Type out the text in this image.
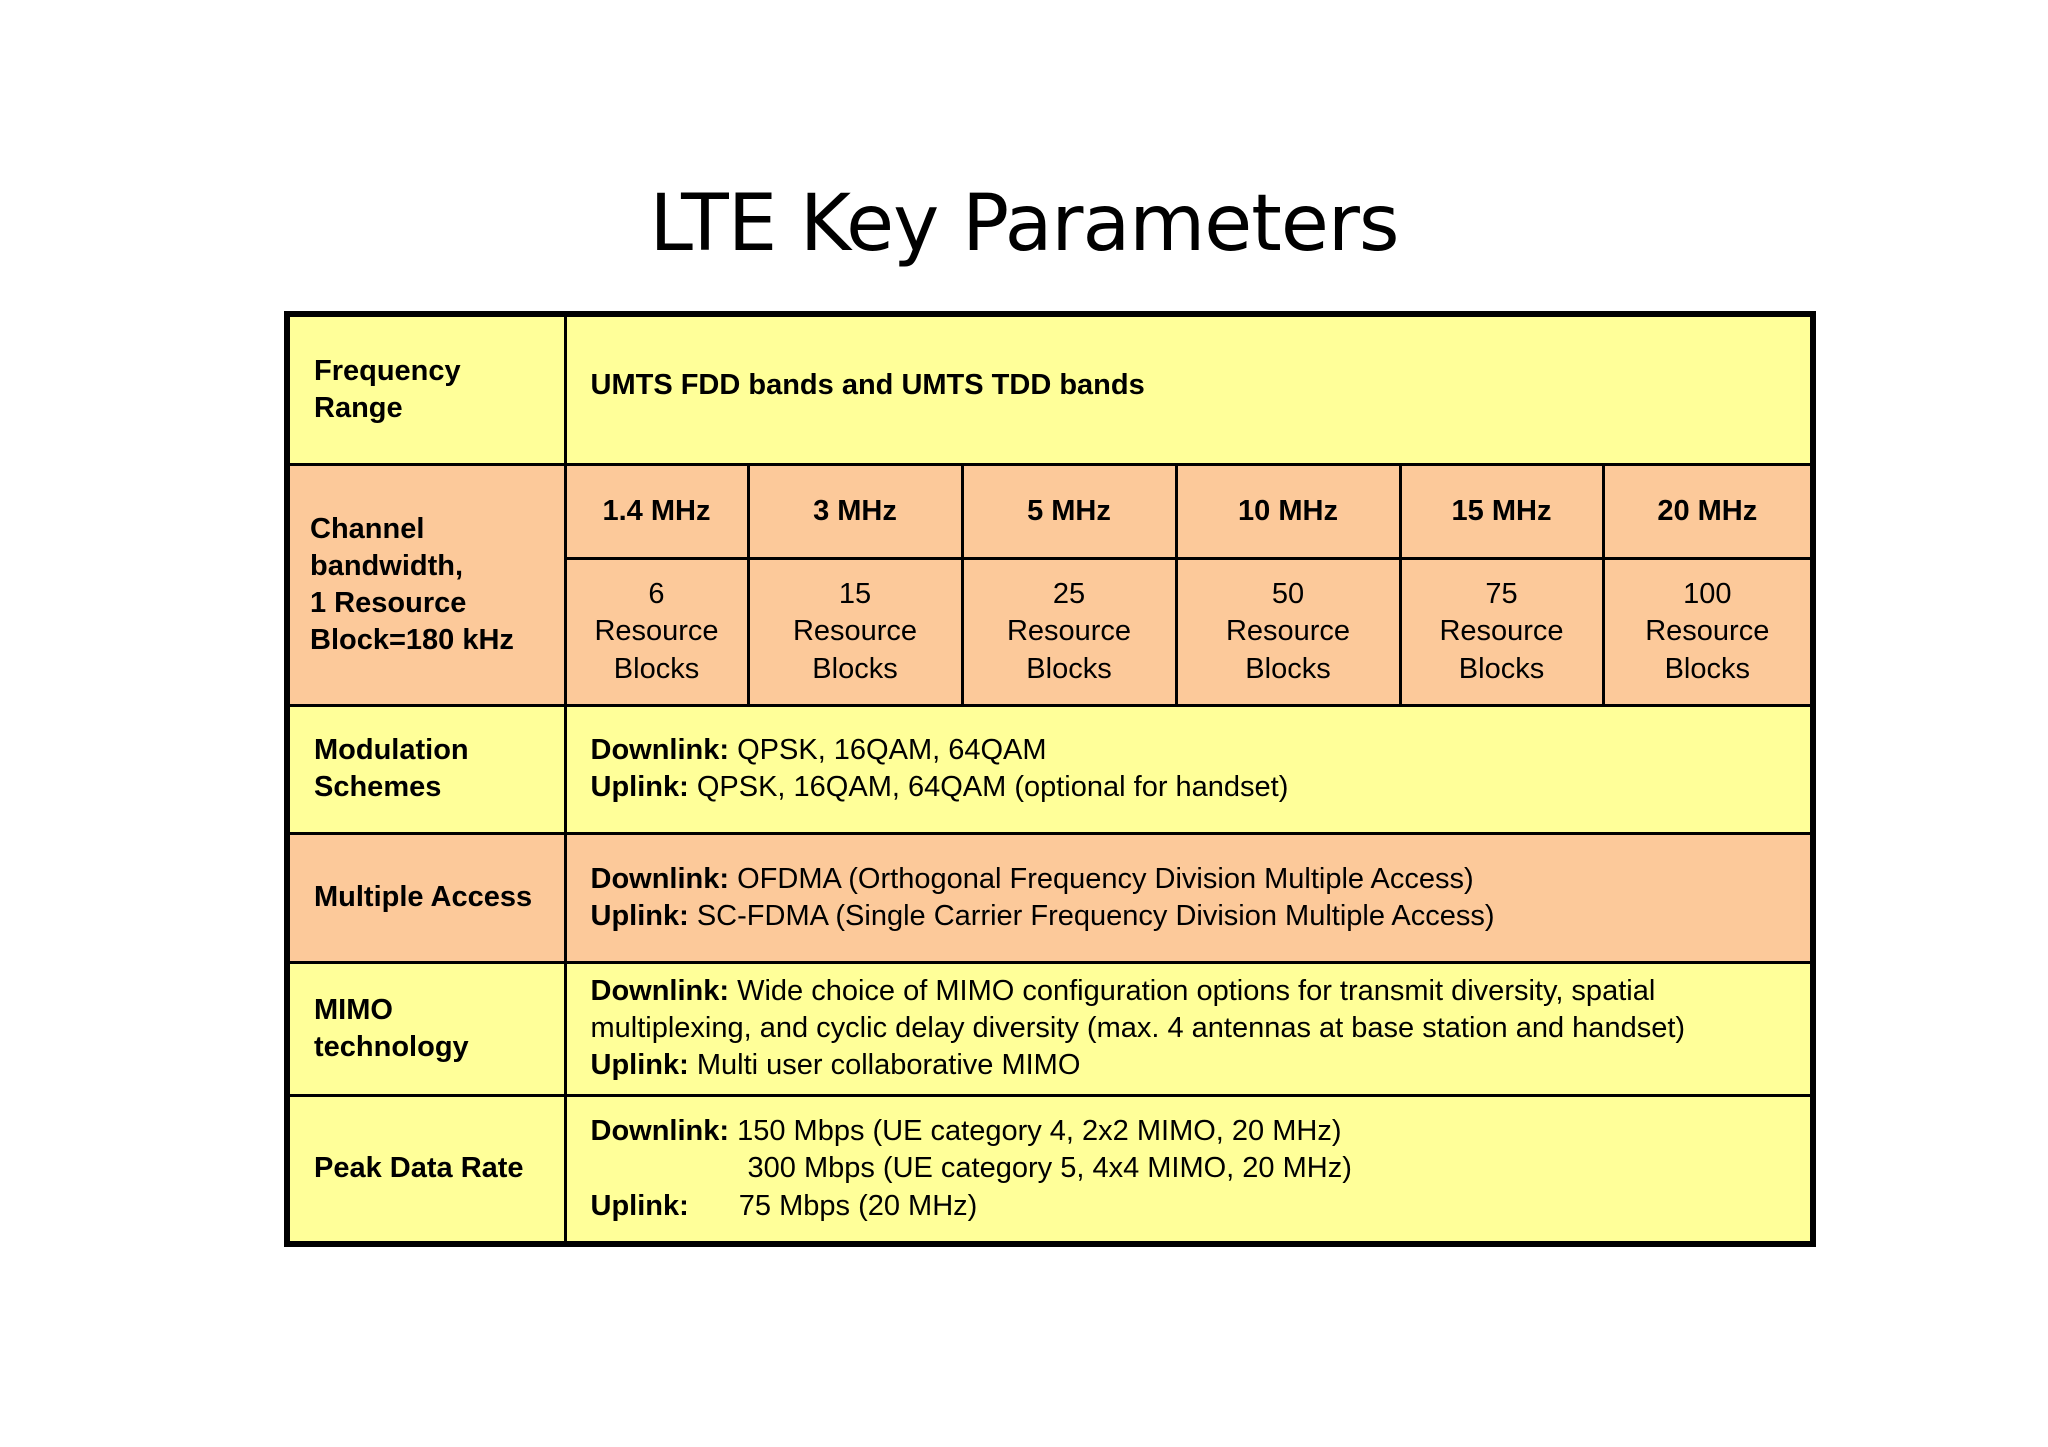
LTE Key Parameters
Frequency
Range	UMTS FDD bands and UMTS TDD bands					

Channel
bandwidth,
1 Resource
Block=180 kHz	1.4 MHz	3 MHz	5 MHz	10 MHz	15 MHz	20 MHz

	6
Resource
Blocks	15
Resource
Blocks	25
Resource
Blocks	50
Resource
Blocks	75
Resource
Blocks	100
Resource
Blocks

Modulation
Schemes	Downlink: QPSK, 16QAM, 64QAM
Uplink: QPSK, 16QAM, 64QAM (optional for handset)					

Multiple Access	Downlink: OFDMA (Orthogonal Frequency Division Multiple Access)
Uplink: SC-FDMA (Single Carrier Frequency Division Multiple Access)					

MIMO
technology	Downlink: Wide choice of MIMO configuration options for transmit diversity, spatial
multiplexing, and cyclic delay diversity (max. 4 antennas at base station and handset)
Uplink: Multi user collaborative MIMO					

Peak Data Rate	Downlink: 150 Mbps (UE category 4, 2x2 MIMO, 20 MHz)
300 Mbps (UE category 5, 4x4 MIMO, 20 MHz)
Uplink: 75 Mbps (20 MHz)					
